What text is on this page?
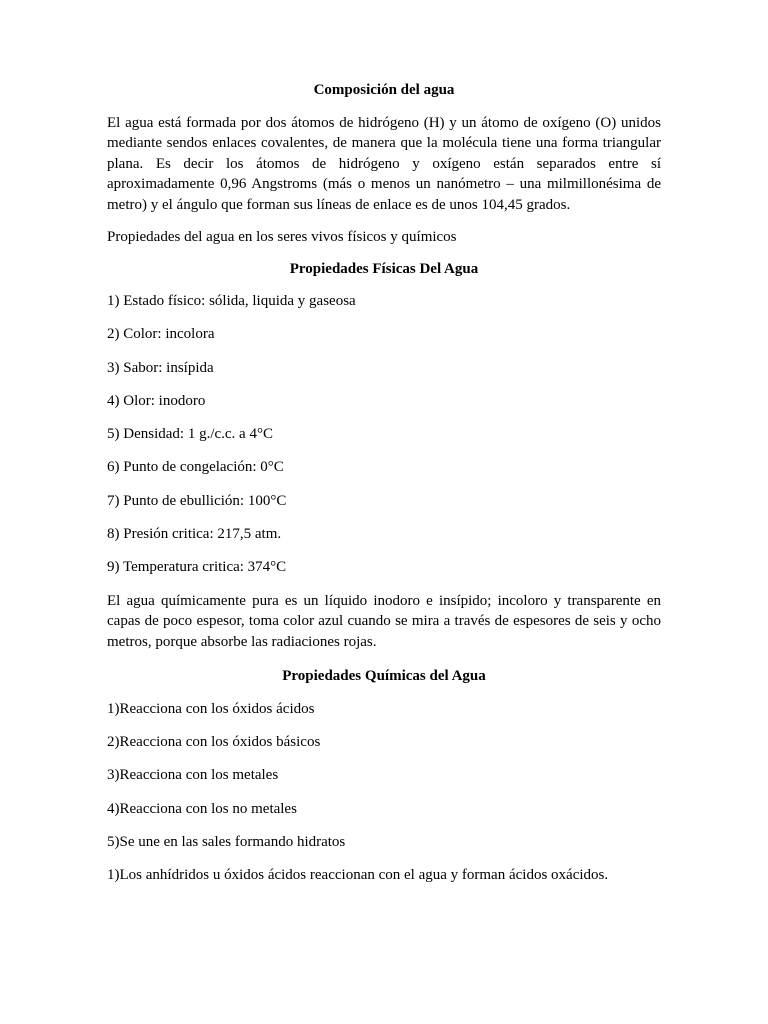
Composición del agua

El agua está formada por dos átomos de hidrógeno (H) y un átomo de oxígeno (O) unidos mediante sendos enlaces covalentes, de manera que la molécula tiene una forma triangular plana. Es decir los átomos de hidrógeno y oxígeno están separados entre sí aproximadamente 0,96 Angstroms (más o menos un nanómetro – una milmillonésima de metro) y el ángulo que forman sus líneas de enlace es de unos 104,45 grados.

Propiedades del agua en los seres vivos físicos y químicos

Propiedades Físicas Del Agua

1) Estado físico: sólida, liquida y gaseosa

2) Color: incolora

3) Sabor: insípida

4) Olor: inodoro

5) Densidad: 1 g./c.c. a 4°C

6) Punto de congelación: 0°C

7) Punto de ebullición: 100°C

8) Presión critica: 217,5 atm.

9) Temperatura critica: 374°C

El agua químicamente pura es un líquido inodoro e insípido; incoloro y transparente en capas de poco espesor, toma color azul cuando se mira a través de espesores de seis y ocho metros, porque absorbe las radiaciones rojas.

Propiedades Químicas del Agua

1)Reacciona con los óxidos ácidos

2)Reacciona con los óxidos básicos

3)Reacciona con los metales

4)Reacciona con los no metales

5)Se une en las sales formando hidratos

1)Los anhídridos u óxidos ácidos reaccionan con el agua y forman ácidos oxácidos.
